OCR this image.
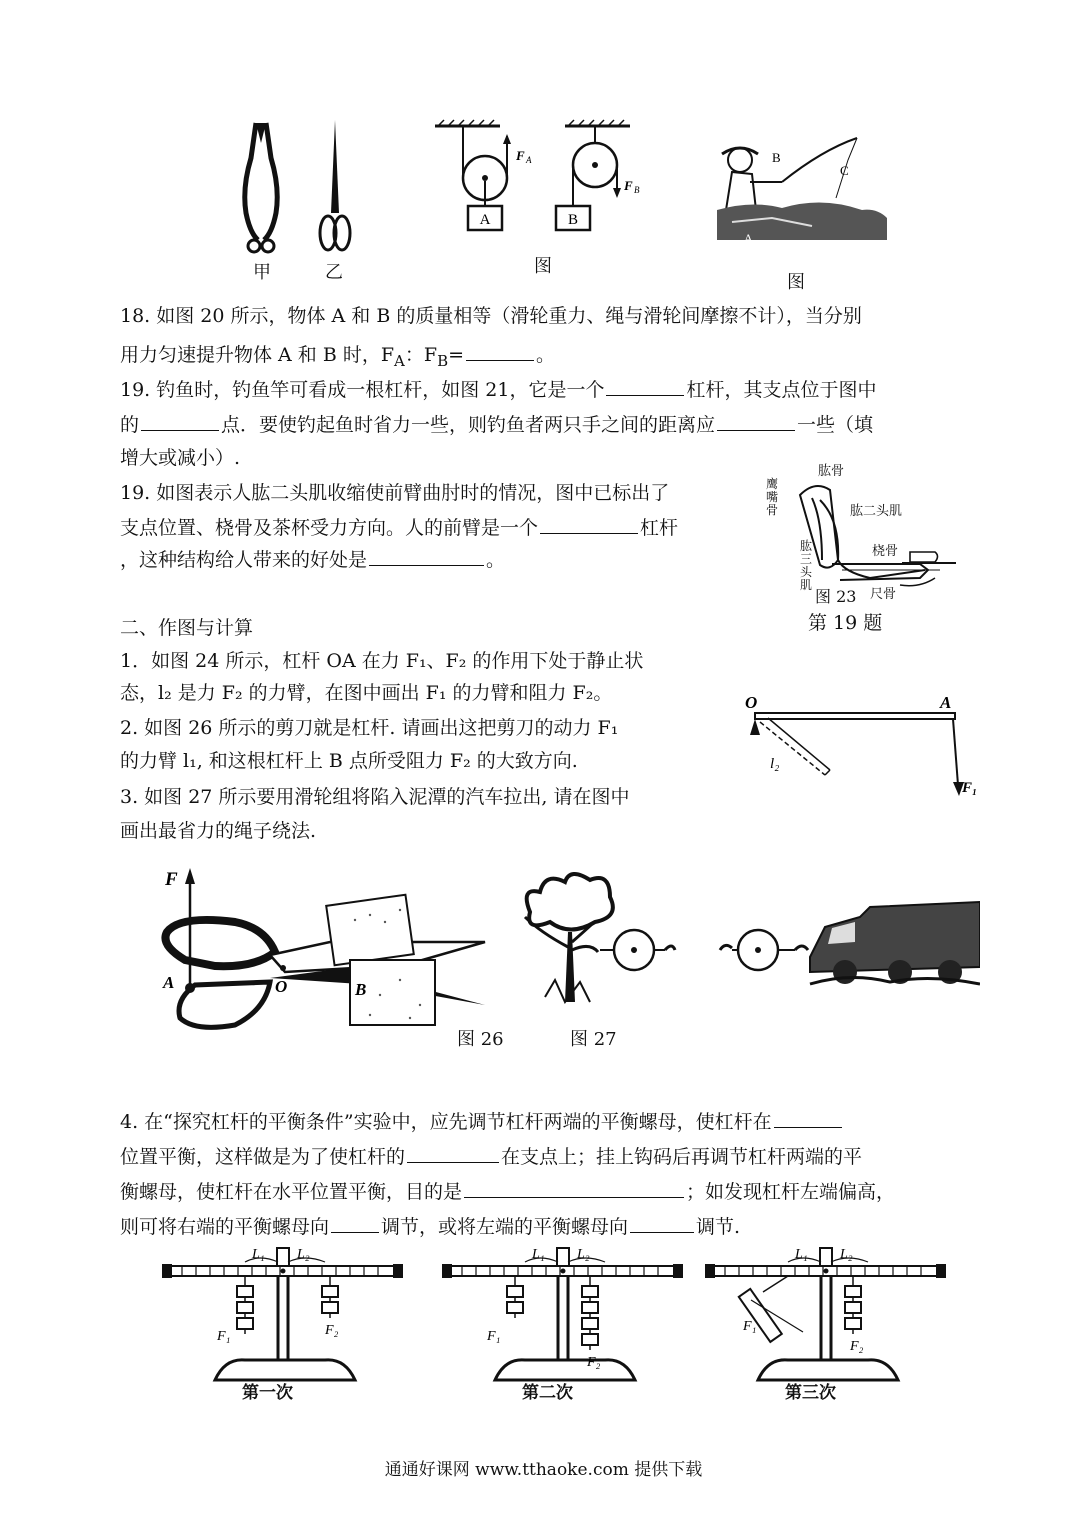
甲	乙
A
F A
B
F B
图
B
C
A
图
18. 如图 20 所示，物体 A 和 B 的质量相等（滑轮重力、绳与滑轮间摩擦不计），当分别
用力匀速提升物体 A 和 B 时，$F_A$：$F_B=$	。
19. 钓鱼时，钓鱼竿可看成一根杠杆，如图 21，它是一个	杠杆，其支点位于图中
的	点．要使钓起鱼时省力一些，则钓鱼者两只手之间的距离应	一些（填
增大或减小）.
19. 如图表示人肱二头肌收缩使前臂曲肘时的情况，图中已标出了
支点位置、桡骨及茶杯受力方向。人的前臂是一个	杠杆
，这种结构给人带来的好处是	。
肱骨
鹰
嘴
骨	肱二头肌
肱
三
头
肌
桡骨
尺骨
图 23
第 19 题
二、作图与计算
1．如图 24 所示，杠杆 OA 在力 F₁、F₂ 的作用下处于静止状
态，l₂ 是力 F₂ 的力臂，在图中画出 F₁ 的力臂和阻力 F₂。
2. 如图 26 所示的剪刀就是杠杆. 请画出这把剪刀的动力 F₁
的力臂 l₁, 和这根杠杆上 B 点所受阻力 F₂ 的大致方向.
3. 如图 27 所示要用滑轮组将陷入泥潭的汽车拉出, 请在图中
画出最省力的绳子绕法.
O	A
l₂
F₁
F
A	O	B
图 26	图 27
4. 在“探究杠杆的平衡条件”实验中，应先调节杠杆两端的平衡螺母，使杠杆在
位置平衡，这样做是为了使杠杆的	在支点上；挂上钩码后再调节杠杆两端的平
衡螺母，使杠杆在水平位置平衡，目的是	；如发现杠杆左端偏高，
则可将右端的平衡螺母向	调节，或将左端的平衡螺母向	调节.
L₁ L₂
F₁	F₂
第一次
L₁ L₂
F₁
F₂
第二次
L₁ L₂
F₁
F₂
第三次
通通好课网 www.tthaoke.com 提供下载
